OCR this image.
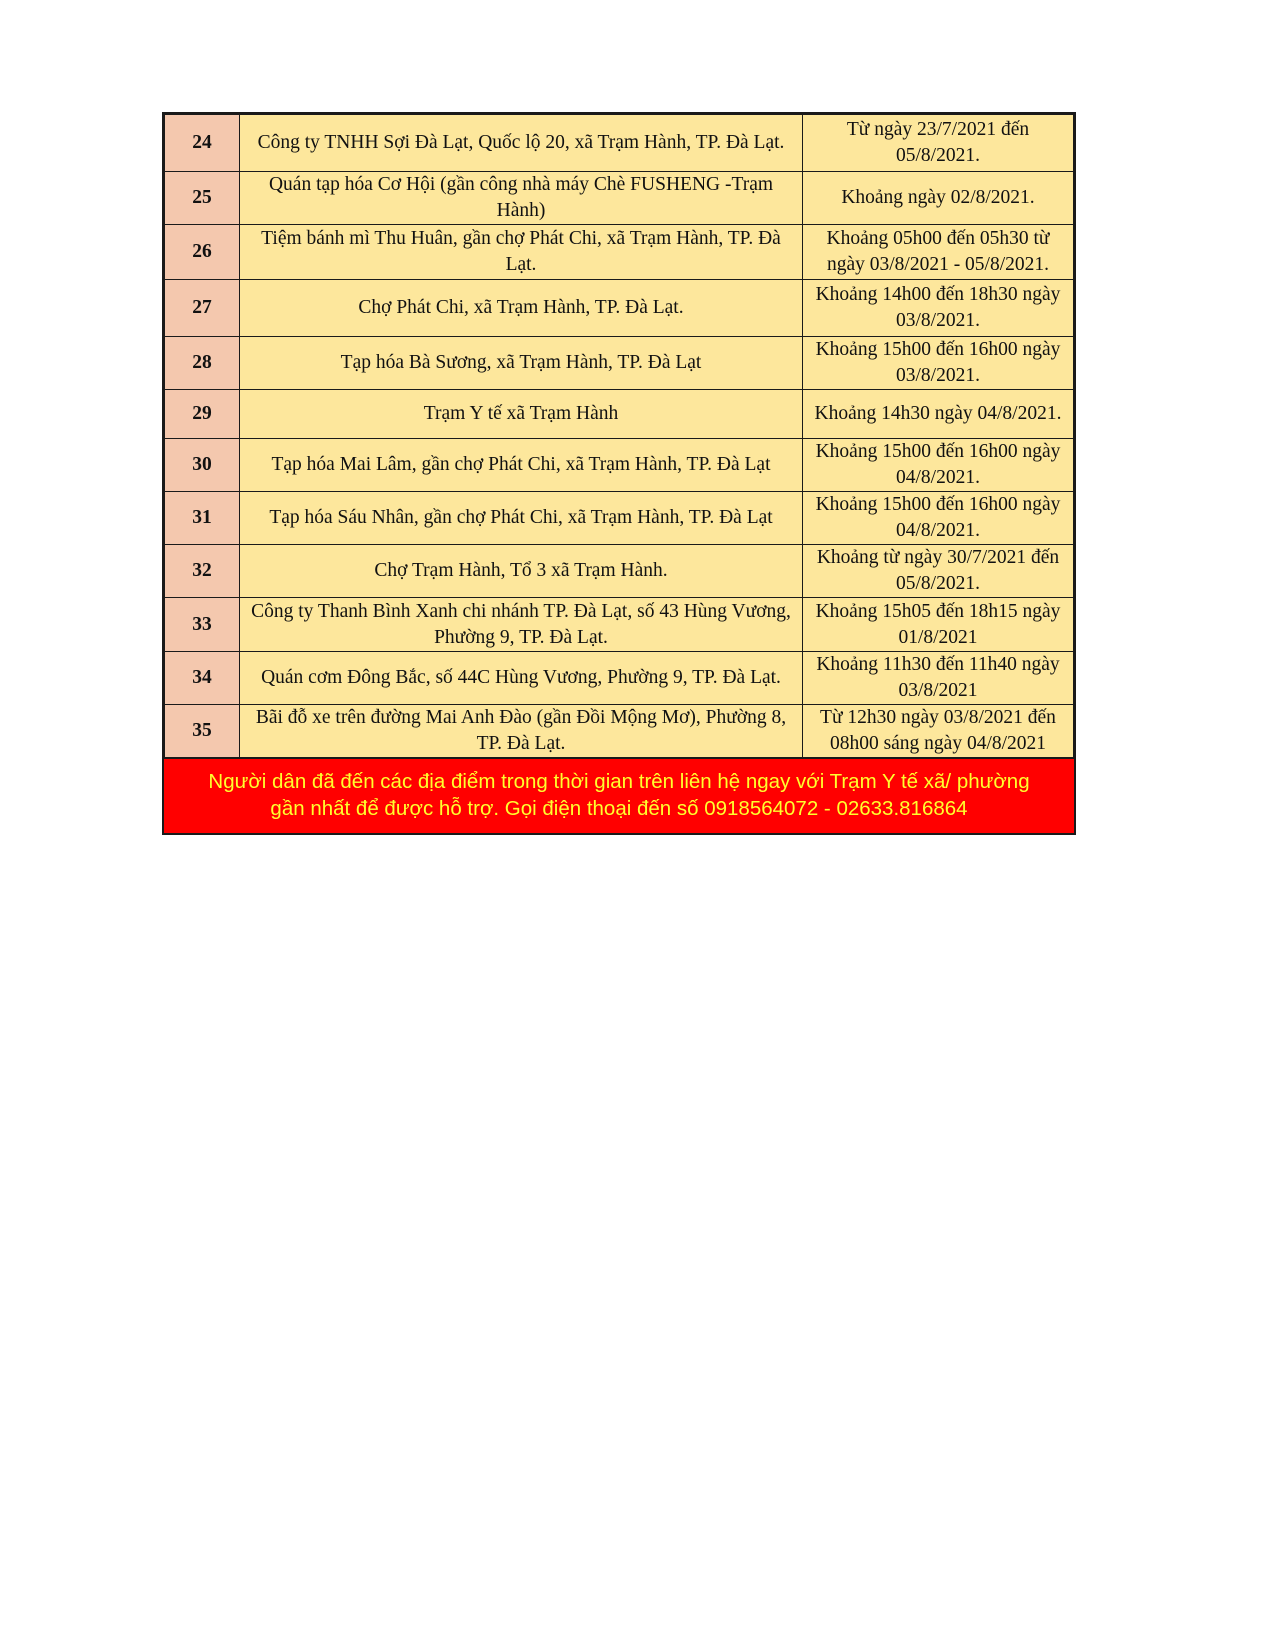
24	Công ty TNHH Sợi Đà Lạt, Quốc lộ 20, xã Trạm Hành, TP. Đà Lạt.	Từ ngày 23/7/2021 đến 05/8/2021.
25	Quán tạp hóa Cơ Hội (gần công nhà máy Chè FUSHENG -Trạm Hành)	Khoảng ngày 02/8/2021.
26	Tiệm bánh mì Thu Huân, gần chợ Phát Chi, xã Trạm Hành, TP. Đà Lạt.	Khoảng 05h00 đến 05h30 từ ngày 03/8/2021 - 05/8/2021.
27	Chợ Phát Chi, xã Trạm Hành, TP. Đà Lạt.	Khoảng 14h00 đến 18h30 ngày 03/8/2021.
28	Tạp hóa Bà Sương, xã Trạm Hành, TP. Đà Lạt	Khoảng 15h00 đến 16h00 ngày 03/8/2021.
29	Trạm Y tế xã Trạm Hành	Khoảng 14h30 ngày 04/8/2021.
30	Tạp hóa Mai Lâm, gần chợ Phát Chi, xã Trạm Hành, TP. Đà Lạt	Khoảng 15h00 đến 16h00 ngày 04/8/2021.
31	Tạp hóa Sáu Nhân, gần chợ Phát Chi, xã Trạm Hành, TP. Đà Lạt	Khoảng 15h00 đến 16h00 ngày 04/8/2021.
32	Chợ Trạm Hành, Tổ 3 xã Trạm Hành.	Khoảng từ ngày 30/7/2021 đến 05/8/2021.
33	Công ty Thanh Bình Xanh chi nhánh TP. Đà Lạt, số 43 Hùng Vương, Phường 9, TP. Đà Lạt.	Khoảng 15h05 đến 18h15 ngày 01/8/2021
34	Quán cơm Đông Bắc, số 44C Hùng Vương, Phường 9, TP. Đà Lạt.	Khoảng 11h30 đến 11h40 ngày 03/8/2021
35	Bãi đỗ xe trên đường Mai Anh Đào (gần Đồi Mộng Mơ), Phường 8, TP. Đà Lạt.	Từ 12h30 ngày 03/8/2021 đến 08h00 sáng ngày 04/8/2021
Người dân đã đến các địa điểm trong thời gian trên liên hệ ngay với Trạm Y tế xã/ phường
gần nhất để được hỗ trợ. Gọi điện thoại đến số 0918564072 - 02633.816864
